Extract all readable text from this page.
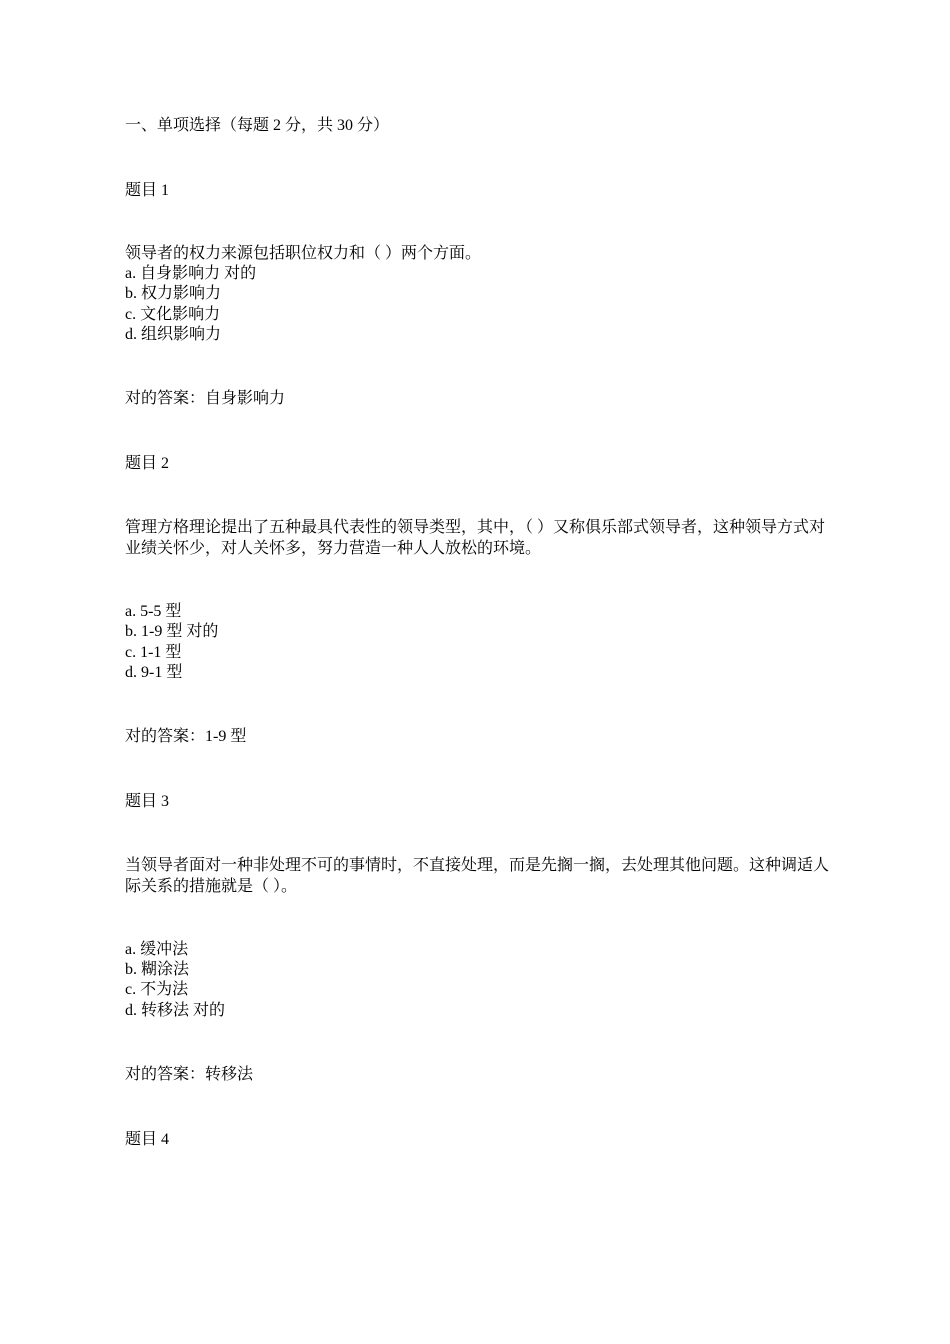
一、单项选择（每题 2 分，共 30 分）
题目 1
领导者的权力来源包括职位权力和（ ）两个方面。
a. 自身影响力 对的
b. 权力影响力
c. 文化影响力
d. 组织影响力
对的答案：自身影响力
题目 2
管理方格理论提出了五种最具代表性的领导类型，其中，（ ）又称俱乐部式领导者，这种领导方式对业绩关怀少，对人关怀多，努力营造一种人人放松的环境。
a. 5-5 型
b. 1-9 型 对的
c. 1-1 型
d. 9-1 型
对的答案：1-9 型
题目 3
当领导者面对一种非处理不可的事情时，不直接处理，而是先搁一搁，去处理其他问题。这种调适人际关系的措施就是（ ）。
a. 缓冲法
b. 糊涂法
c. 不为法
d. 转移法 对的
对的答案：转移法
题目 4
